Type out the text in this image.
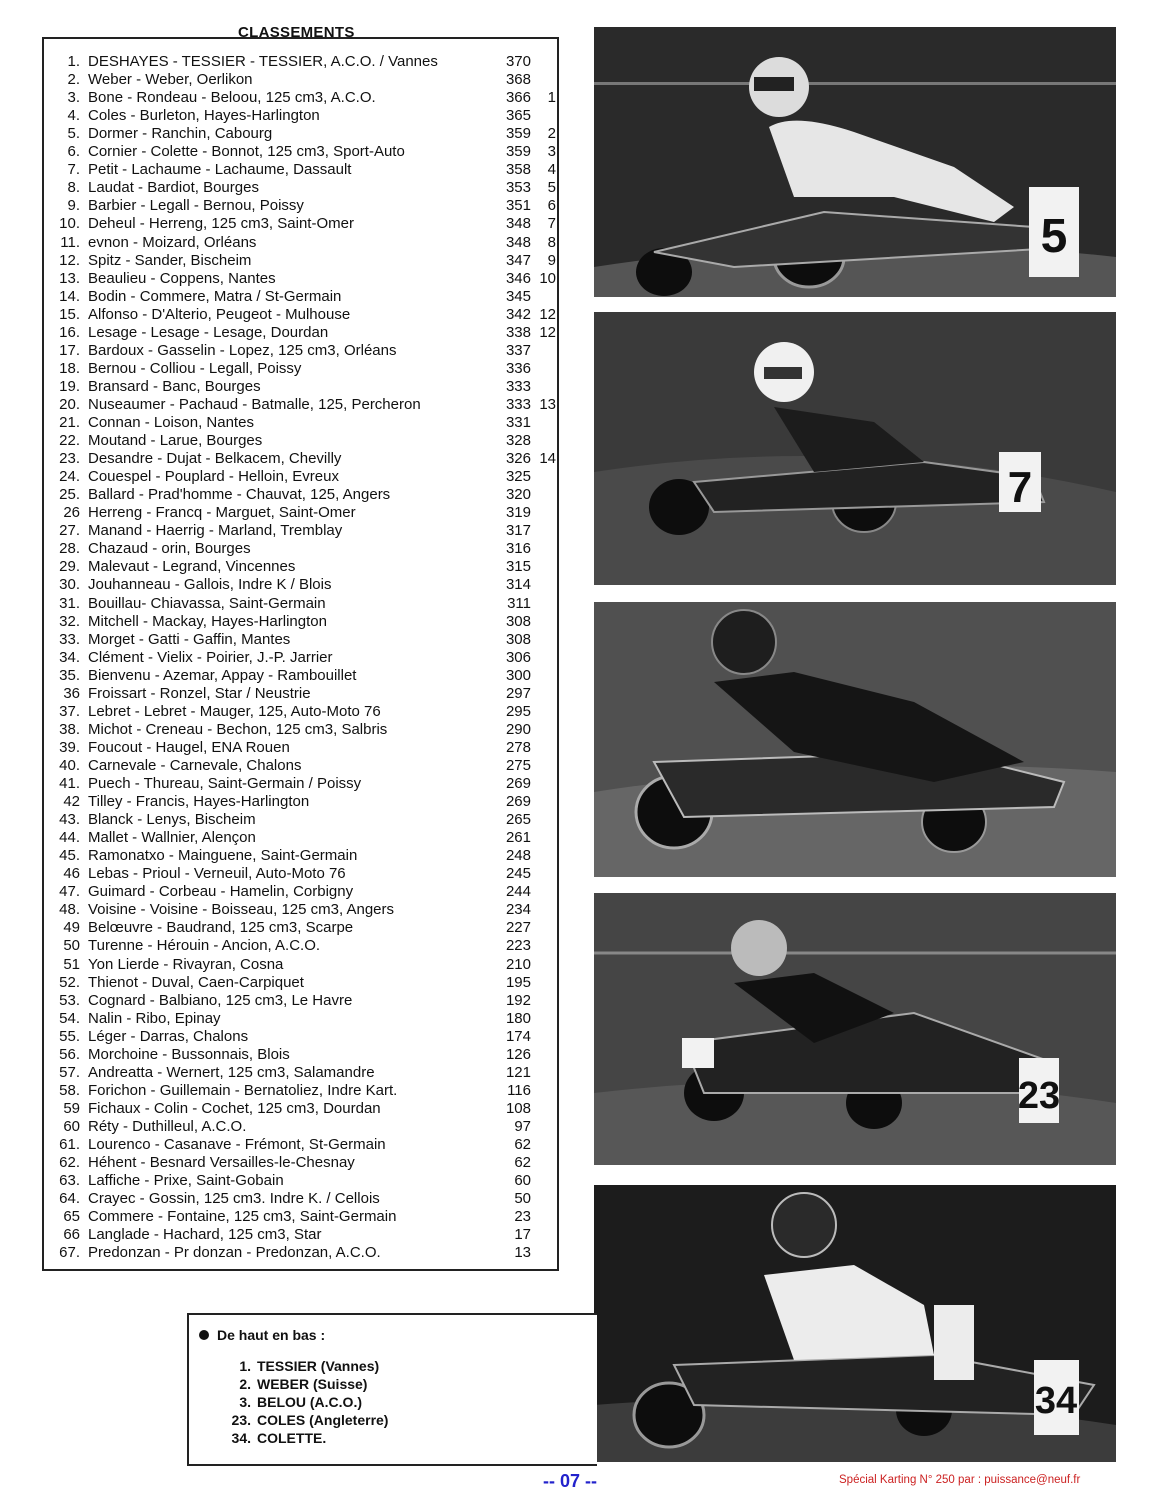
CLASSEMENTS
1. DESHAYES - TESSIER - TESSIER, A.C.O. / Vannes	370
2. Weber - Weber, Oerlikon	368
3. Bone - Rondeau - Beloou, 125 cm3, A.C.O.	366	1
4. Coles - Burleton, Hayes-Harlington	365
5. Dormer - Ranchin, Cabourg	359	2
6. Cornier - Colette - Bonnot, 125 cm3, Sport-Auto	359	3
7. Petit - Lachaume - Lachaume, Dassault	358	4
8. Laudat - Bardiot, Bourges	353	5
9. Barbier - Legall - Bernou, Poissy	351	6
10. Deheul - Herreng, 125 cm3, Saint-Omer	348	7
11. evnon - Moizard, Orléans	348	8
12. Spitz - Sander, Bischeim	347	9
13. Beaulieu - Coppens, Nantes	346 10
14. Bodin - Commere, Matra / St-Germain	345
15. Alfonso - D'Alterio, Peugeot - Mulhouse	342 12
16. Lesage - Lesage - Lesage, Dourdan	338 12
17. Bardoux - Gasselin - Lopez, 125 cm3, Orléans	337
18. Bernou - Colliou - Legall, Poissy	336
19. Bransard - Banc, Bourges	333
20. Nuseaumer - Pachaud - Batmalle, 125, Percheron	333 13
21. Connan - Loison, Nantes	331
22. Moutand - Larue, Bourges	328
23. Desandre - Dujat - Belkacem, Chevilly	326 14
24. Couespel - Pouplard - Helloin, Evreux	325
25. Ballard - Prad'homme - Chauvat, 125, Angers	320
26 Herreng - Francq - Marguet, Saint-Omer	319
27. Manand - Haerrig - Marland, Tremblay	317
28. Chazaud - orin, Bourges	316
29. Malevaut - Legrand, Vincennes	315
30. Jouhanneau - Gallois, Indre K / Blois	314
31. Bouillau- Chiavassa, Saint-Germain	311
32. Mitchell - Mackay, Hayes-Harlington	308
33. Morget - Gatti - Gaffin, Mantes	308
34. Clément - Vielix - Poirier, J.-P. Jarrier	306
35. Bienvenu - Azemar, Appay - Rambouillet	300
36 Froissart - Ronzel, Star / Neustrie	297
37. Lebret - Lebret - Mauger, 125, Auto-Moto 76	295
38. Michot - Creneau - Bechon, 125 cm3, Salbris	290
39. Foucout - Haugel, ENA Rouen	278
40. Carnevale - Carnevale, Chalons	275
41. Puech - Thureau, Saint-Germain / Poissy	269
42 Tilley - Francis, Hayes-Harlington	269
43. Blanck - Lenys, Bischeim	265
44. Mallet - Wallnier, Alençon	261
45. Ramonatxo - Mainguene, Saint-Germain	248
46 Lebas - Prioul - Verneuil, Auto-Moto 76	245
47. Guimard - Corbeau - Hamelin, Corbigny	244
48. Voisine - Voisine - Boisseau, 125 cm3, Angers	234
49 Belœuvre - Baudrand, 125 cm3, Scarpe	227
50 Turenne - Hérouin - Ancion, A.C.O.	223
51 Yon Lierde - Rivayran, Cosna	210
52. Thienot - Duval, Caen-Carpiquet	195
53. Cognard - Balbiano, 125 cm3, Le Havre	192
54. Nalin - Ribo, Epinay	180
55. Léger - Darras, Chalons	174
56. Morchoine - Bussonnais, Blois	126
57. Andreatta - Wernert, 125 cm3, Salamandre	121
58. Forichon - Guillemain - Bernatoliez, Indre Kart.	116
59 Fichaux - Colin - Cochet, 125 cm3, Dourdan	108
60 Réty - Duthilleul, A.C.O.	97
61. Lourenco - Casanave - Frémont, St-Germain	62
62. Héhent - Besnard Versailles-le-Chesnay	62
63. Laffiche - Prixe, Saint-Gobain	60
64. Crayec - Gossin, 125 cm3. Indre K. / Cellois	50
65 Commere - Fontaine, 125 cm3, Saint-Germain	23
66 Langlade - Hachard, 125 cm3, Star	17
67. Predonzan - Pr donzan - Predonzan, A.C.O.	13
5
7
23
34
De haut en bas :
1. TESSIER (Vannes)
2. WEBER (Suisse)
3. BELOU (A.C.O.)
23. COLES (Angleterre)
34. COLETTE.
-- 07 --	Spécial Karting N° 250 par : puissance@neuf.fr
